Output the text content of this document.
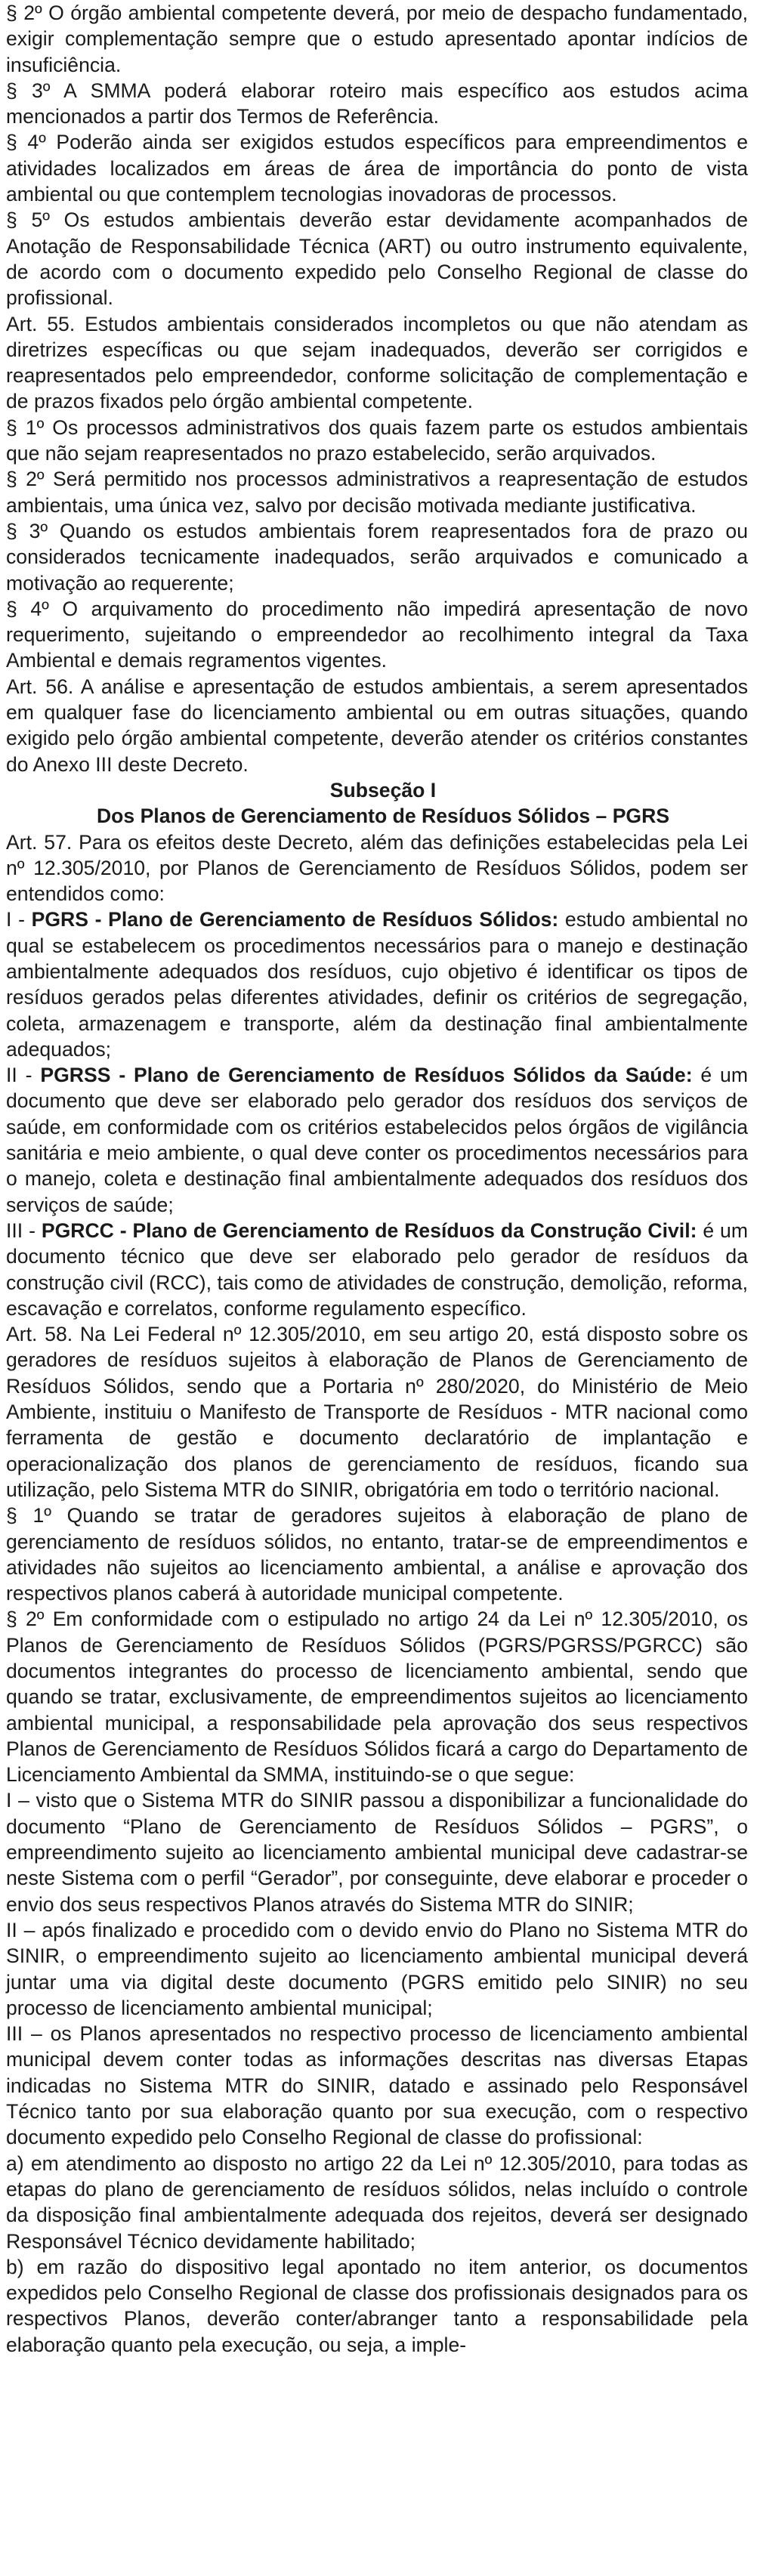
§ 2º O órgão ambiental competente deverá, por meio de despacho fundamentado, exigir complementação sempre que o estudo apresentado apontar indícios de insuficiência.

§ 3º A SMMA poderá elaborar roteiro mais específico aos estudos acima mencionados a partir dos Termos de Referência.

§ 4º Poderão ainda ser exigidos estudos específicos para empreendimentos e atividades localizados em áreas de área de importância do ponto de vista ambiental ou que contemplem tecnologias inovadoras de processos.

§ 5º Os estudos ambientais deverão estar devidamente acompanhados de Anotação de Responsabilidade Técnica (ART) ou outro instrumento equivalente, de acordo com o documento expedido pelo Conselho Regional de classe do profissional.

Art. 55. Estudos ambientais considerados incompletos ou que não atendam as diretrizes específicas ou que sejam inadequados, deverão ser corrigidos e reapresentados pelo empreendedor, conforme solicitação de complementação e de prazos fixados pelo órgão ambiental competente.

§ 1º Os processos administrativos dos quais fazem parte os estudos ambientais que não sejam reapresentados no prazo estabelecido, serão arquivados.

§ 2º Será permitido nos processos administrativos a reapresentação de estudos ambientais, uma única vez, salvo por decisão motivada mediante justificativa.

§ 3º Quando os estudos ambientais forem reapresentados fora de prazo ou considerados tecnicamente inadequados, serão arquivados e comunicado a motivação ao requerente;

§ 4º O arquivamento do procedimento não impedirá apresentação de novo requerimento, sujeitando o empreendedor ao recolhimento integral da Taxa Ambiental e demais regramentos vigentes.

Art. 56. A análise e apresentação de estudos ambientais, a serem apresentados em qualquer fase do licenciamento ambiental ou em outras situações, quando exigido pelo órgão ambiental competente, deverão atender os critérios constantes do Anexo III deste Decreto.

Subseção I
Dos Planos de Gerenciamento de Resíduos Sólidos – PGRS

Art. 57. Para os efeitos deste Decreto, além das definições estabelecidas pela Lei nº 12.305/2010, por Planos de Gerenciamento de Resíduos Sólidos, podem ser entendidos como:

I - PGRS - Plano de Gerenciamento de Resíduos Sólidos: estudo ambiental no qual se estabelecem os procedimentos necessários para o manejo e destinação ambientalmente adequados dos resíduos, cujo objetivo é identificar os tipos de resíduos gerados pelas diferentes atividades, definir os critérios de segregação, coleta, armazenagem e transporte, além da destinação final ambientalmente adequados;

II - PGRSS - Plano de Gerenciamento de Resíduos Sólidos da Saúde: é um documento que deve ser elaborado pelo gerador dos resíduos dos serviços de saúde, em conformidade com os critérios estabelecidos pelos órgãos de vigilância sanitária e meio ambiente, o qual deve conter os procedimentos necessários para o manejo, coleta e destinação final ambientalmente adequados dos resíduos dos serviços de saúde;

III - PGRCC - Plano de Gerenciamento de Resíduos da Construção Civil: é um documento técnico que deve ser elaborado pelo gerador de resíduos da construção civil (RCC), tais como de atividades de construção, demolição, reforma, escavação e correlatos, conforme regulamento específico.

Art. 58. Na Lei Federal nº 12.305/2010, em seu artigo 20, está disposto sobre os geradores de resíduos sujeitos à elaboração de Planos de Gerenciamento de Resíduos Sólidos, sendo que a Portaria nº 280/2020, do Ministério de Meio Ambiente, instituiu o Manifesto de Transporte de Resíduos - MTR nacional como ferramenta de gestão e documento declaratório de implantação e operacionalização dos planos de gerenciamento de resíduos, ficando sua utilização, pelo Sistema MTR do SINIR, obrigatória em todo o território nacional.

§ 1º Quando se tratar de geradores sujeitos à elaboração de plano de gerenciamento de resíduos sólidos, no entanto, tratar-se de empreendimentos e atividades não sujeitos ao licenciamento ambiental, a análise e aprovação dos respectivos planos caberá à autoridade municipal competente.

§ 2º Em conformidade com o estipulado no artigo 24 da Lei nº 12.305/2010, os Planos de Gerenciamento de Resíduos Sólidos (PGRS/PGRSS/PGRCC) são documentos integrantes do processo de licenciamento ambiental, sendo que quando se tratar, exclusivamente, de empreendimentos sujeitos ao licenciamento ambiental municipal, a responsabilidade pela aprovação dos seus respectivos Planos de Gerenciamento de Resíduos Sólidos ficará a cargo do Departamento de Licenciamento Ambiental da SMMA, instituindo-se o que segue:

I – visto que o Sistema MTR do SINIR passou a disponibilizar a funcionalidade do documento “Plano de Gerenciamento de Resíduos Sólidos – PGRS”, o empreendimento sujeito ao licenciamento ambiental municipal deve cadastrar-se neste Sistema com o perfil “Gerador”, por conseguinte, deve elaborar e proceder o envio dos seus respectivos Planos através do Sistema MTR do SINIR;

II – após finalizado e procedido com o devido envio do Plano no Sistema MTR do SINIR, o empreendimento sujeito ao licenciamento ambiental municipal deverá juntar uma via digital deste documento (PGRS emitido pelo SINIR) no seu processo de licenciamento ambiental municipal;

III – os Planos apresentados no respectivo processo de licenciamento ambiental municipal devem conter todas as informações descritas nas diversas Etapas indicadas no Sistema MTR do SINIR, datado e assinado pelo Responsável Técnico tanto por sua elaboração quanto por sua execução, com o respectivo documento expedido pelo Conselho Regional de classe do profissional:

a) em atendimento ao disposto no artigo 22 da Lei nº 12.305/2010, para todas as etapas do plano de gerenciamento de resíduos sólidos, nelas incluído o controle da disposição final ambientalmente adequada dos rejeitos, deverá ser designado Responsável Técnico devidamente habilitado;

b) em razão do dispositivo legal apontado no item anterior, os documentos expedidos pelo Conselho Regional de classe dos profissionais designados para os respectivos Planos, deverão conter/abranger tanto a responsabilidade pela elaboração quanto pela execução, ou seja, a imple-
